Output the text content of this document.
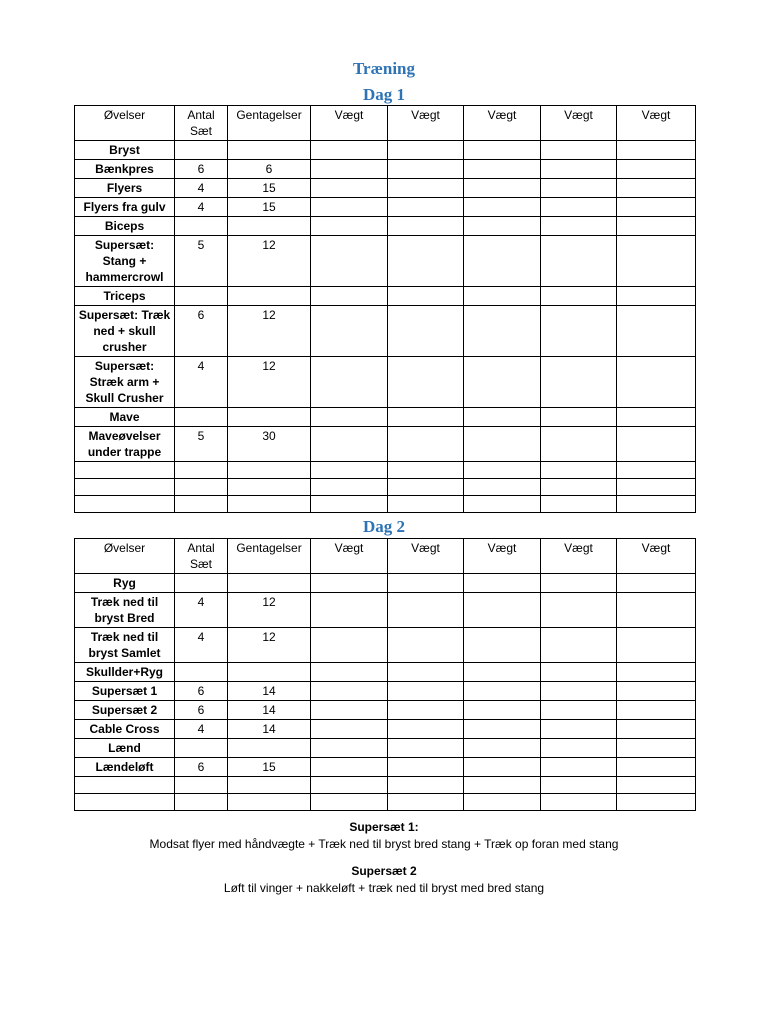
Træning
Dag 1
Øvelser	Antal Sæt	Gentagelser	Vægt	Vægt	Vægt	Vægt	Vægt
Bryst							
Bænkpres	6	6					
Flyers	4	15					
Flyers fra gulv	4	15					
Biceps							
Supersæt: Stang + hammercrowl	5	12					
Triceps							
Supersæt: Træk ned + skull crusher	6	12					
Supersæt: Stræk arm + Skull Crusher	4	12					
Mave							
Maveøvelser under trappe	5	30					

Dag 2
Øvelser	Antal Sæt	Gentagelser	Vægt	Vægt	Vægt	Vægt	Vægt
Ryg							
Træk ned til bryst Bred	4	12					
Træk ned til bryst Samlet	4	12					
Skullder+Ryg							
Supersæt 1	6	14					
Supersæt 2	6	14					
Cable Cross	4	14					
Lænd							
Lændeløft	6	15					

Supersæt 1:

Modsat flyer med håndvægte + Træk ned til bryst bred stang + Træk op foran med stang

Supersæt 2

Løft til vinger + nakkeløft + træk ned til bryst med bred stang
